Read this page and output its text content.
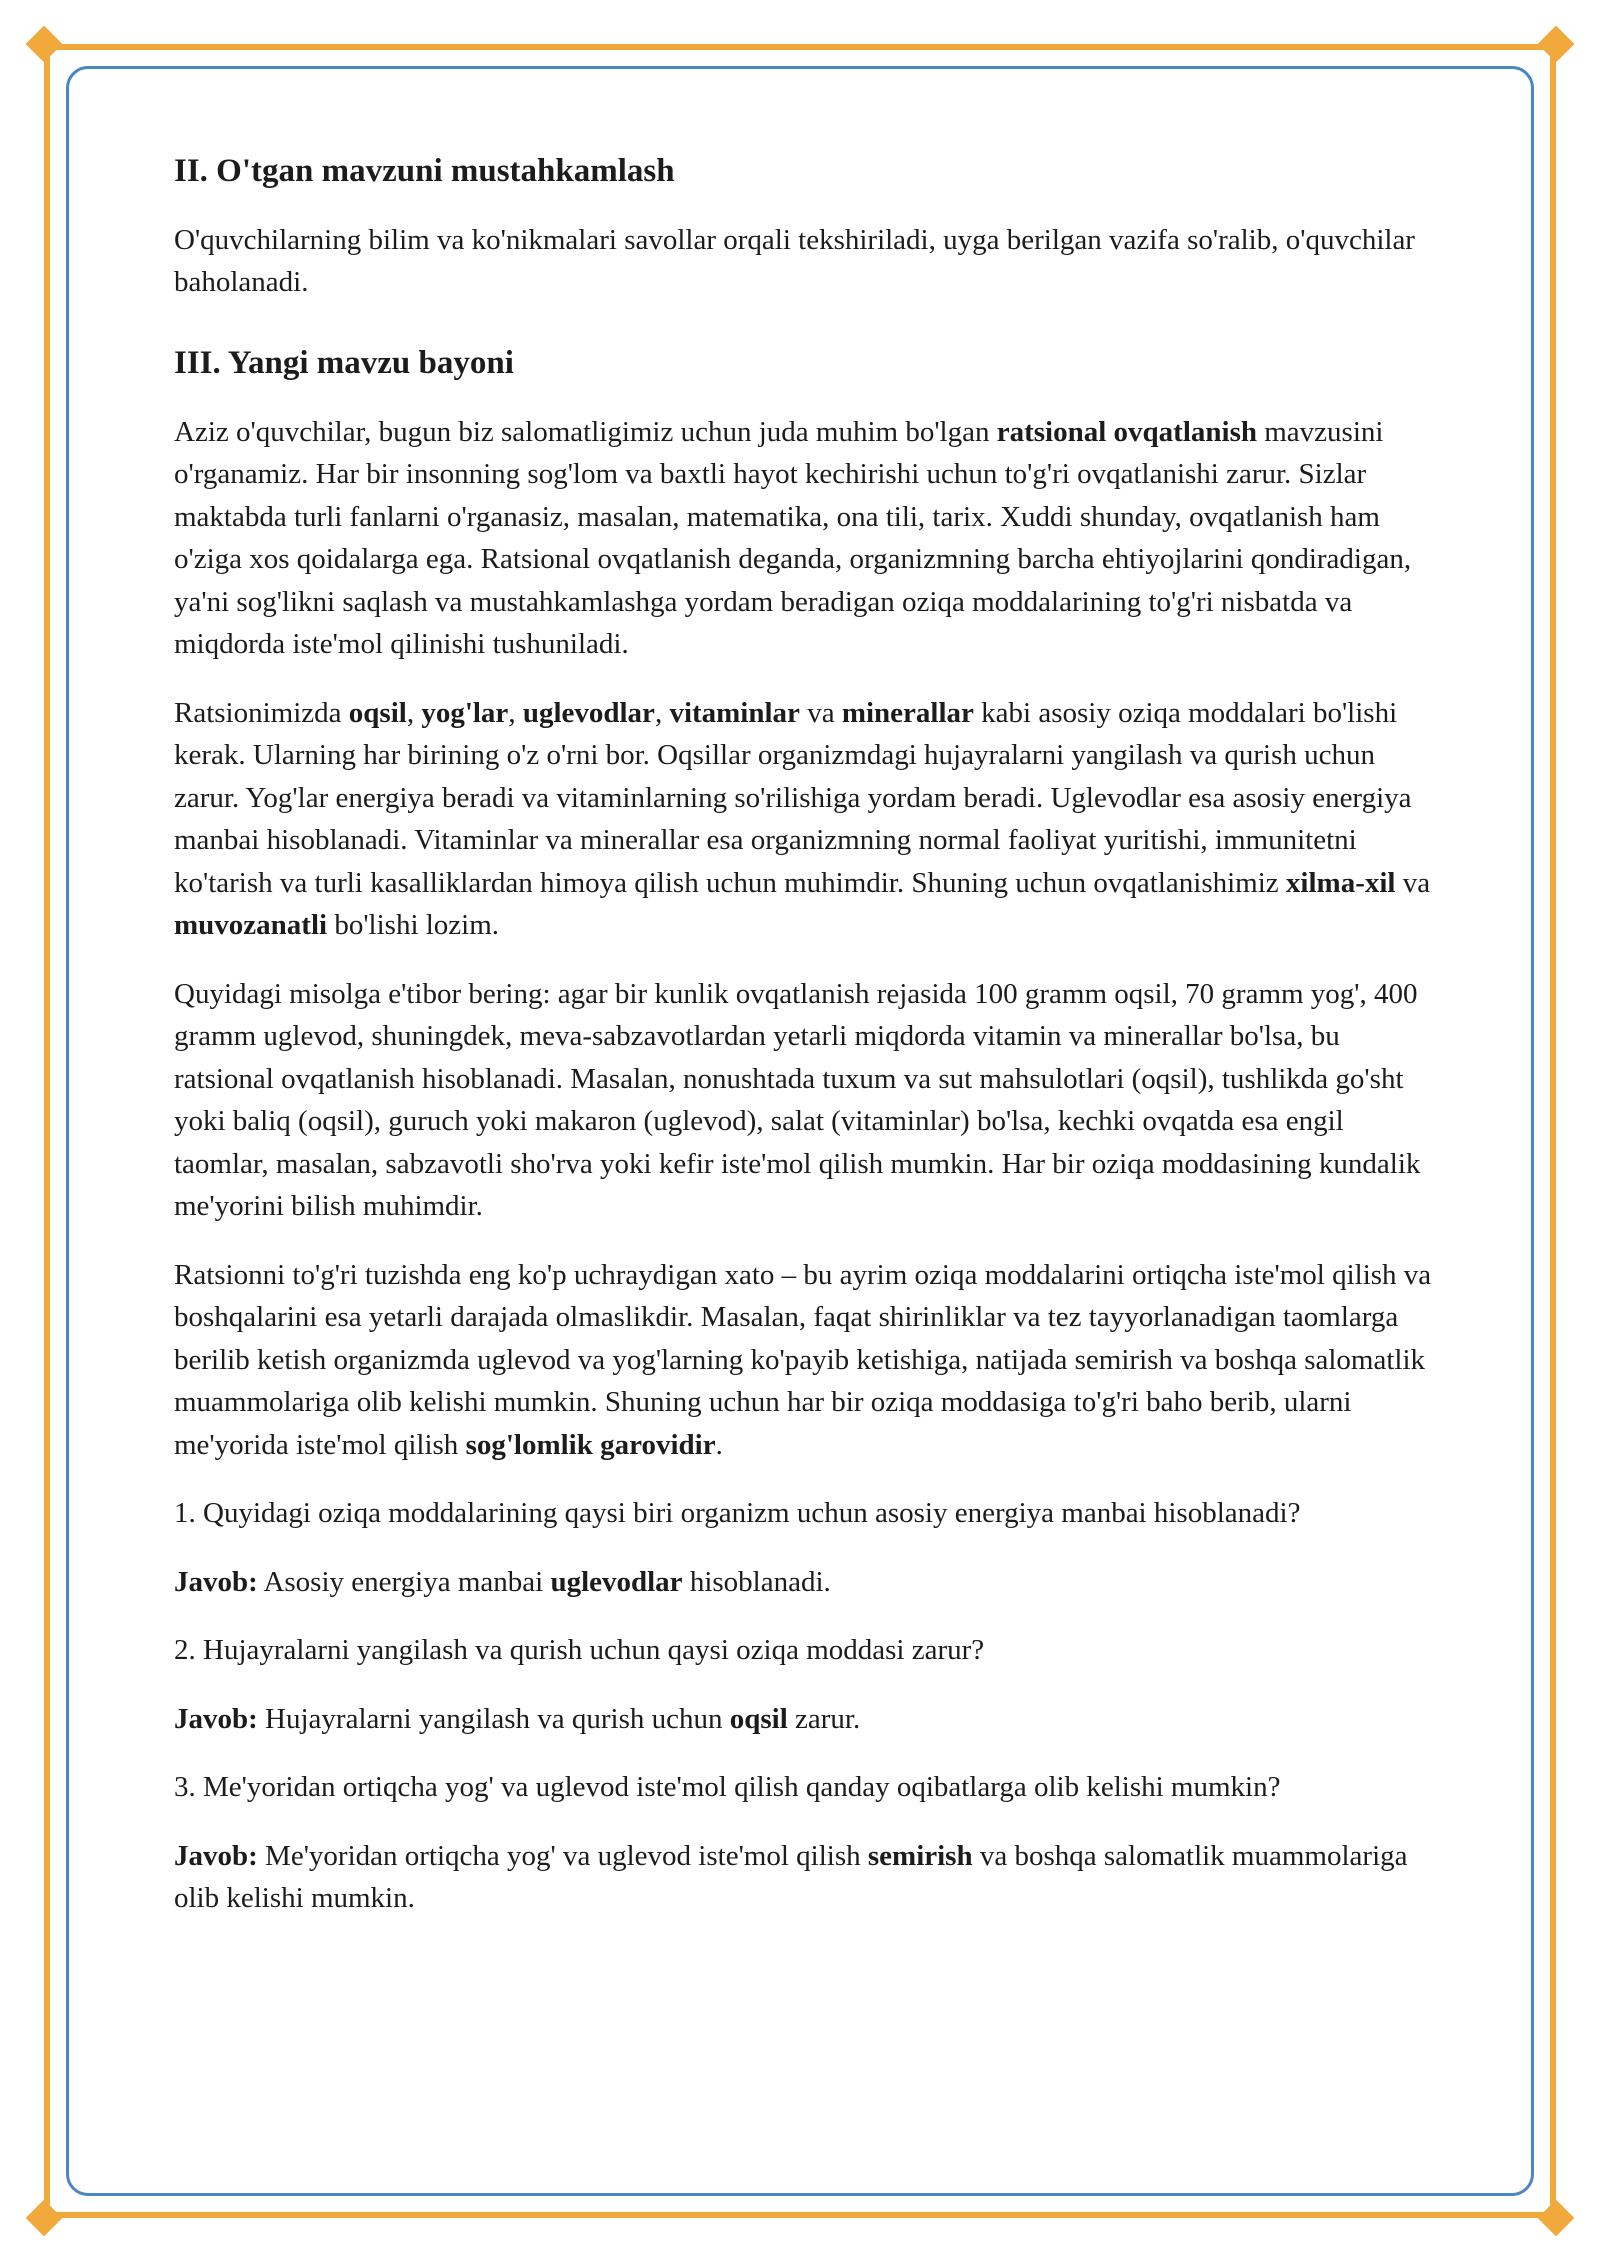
II. O'tgan mavzuni mustahkamlash

O'quvchilarning bilim va ko'nikmalari savollar orqali tekshiriladi, uyga berilgan vazifa so'ralib, o'quvchilar baholanadi.

III. Yangi mavzu bayoni

Aziz o'quvchilar, bugun biz salomatligimiz uchun juda muhim bo'lgan ratsional ovqatlanish mavzusini o'rganamiz. Har bir insonning sog'lom va baxtli hayot kechirishi uchun to'g'ri ovqatlanishi zarur. Sizlar maktabda turli fanlarni o'rganasiz, masalan, matematika, ona tili, tarix. Xuddi shunday, ovqatlanish ham o'ziga xos qoidalarga ega. Ratsional ovqatlanish deganda, organizmning barcha ehtiyojlarini qondiradigan, ya'ni sog'likni saqlash va mustahkamlashga yordam beradigan oziqa moddalarining to'g'ri nisbatda va miqdorda iste'mol qilinishi tushuniladi.

Ratsionimizda oqsil, yog'lar, uglevodlar, vitaminlar va minerallar kabi asosiy oziqa moddalari bo'lishi kerak. Ularning har birining o'z o'rni bor. Oqsillar organizmdagi hujayralarni yangilash va qurish uchun zarur. Yog'lar energiya beradi va vitaminlarning so'rilishiga yordam beradi. Uglevodlar esa asosiy energiya manbai hisoblanadi. Vitaminlar va minerallar esa organizmning normal faoliyat yuritishi, immunitetni ko'tarish va turli kasalliklardan himoya qilish uchun muhimdir. Shuning uchun ovqatlanishimiz xilma-xil va muvozanatli bo'lishi lozim.

Quyidagi misolga e'tibor bering: agar bir kunlik ovqatlanish rejasida 100 gramm oqsil, 70 gramm yog', 400 gramm uglevod, shuningdek, meva-sabzavotlardan yetarli miqdorda vitamin va minerallar bo'lsa, bu ratsional ovqatlanish hisoblanadi. Masalan, nonushtada tuxum va sut mahsulotlari (oqsil), tushlikda go'sht yoki baliq (oqsil), guruch yoki makaron (uglevod), salat (vitaminlar) bo'lsa, kechki ovqatda esa engil taomlar, masalan, sabzavotli sho'rva yoki kefir iste'mol qilish mumkin. Har bir oziqa moddasining kundalik me'yorini bilish muhimdir.

Ratsionni to'g'ri tuzishda eng ko'p uchraydigan xato – bu ayrim oziqa moddalarini ortiqcha iste'mol qilish va boshqalarini esa yetarli darajada olmaslikdir. Masalan, faqat shirinliklar va tez tayyorlanadigan taomlarga berilib ketish organizmda uglevod va yog'larning ko'payib ketishiga, natijada semirish va boshqa salomatlik muammolariga olib kelishi mumkin. Shuning uchun har bir oziqa moddasiga to'g'ri baho berib, ularni me'yorida iste'mol qilish sog'lomlik garovidir.

1. Quyidagi oziqa moddalarining qaysi biri organizm uchun asosiy energiya manbai hisoblanadi?

Javob: Asosiy energiya manbai uglevodlar hisoblanadi.

2. Hujayralarni yangilash va qurish uchun qaysi oziqa moddasi zarur?

Javob: Hujayralarni yangilash va qurish uchun oqsil zarur.

3. Me'yoridan ortiqcha yog' va uglevod iste'mol qilish qanday oqibatlarga olib kelishi mumkin?

Javob: Me'yoridan ortiqcha yog' va uglevod iste'mol qilish semirish va boshqa salomatlik muammolariga olib kelishi mumkin.
